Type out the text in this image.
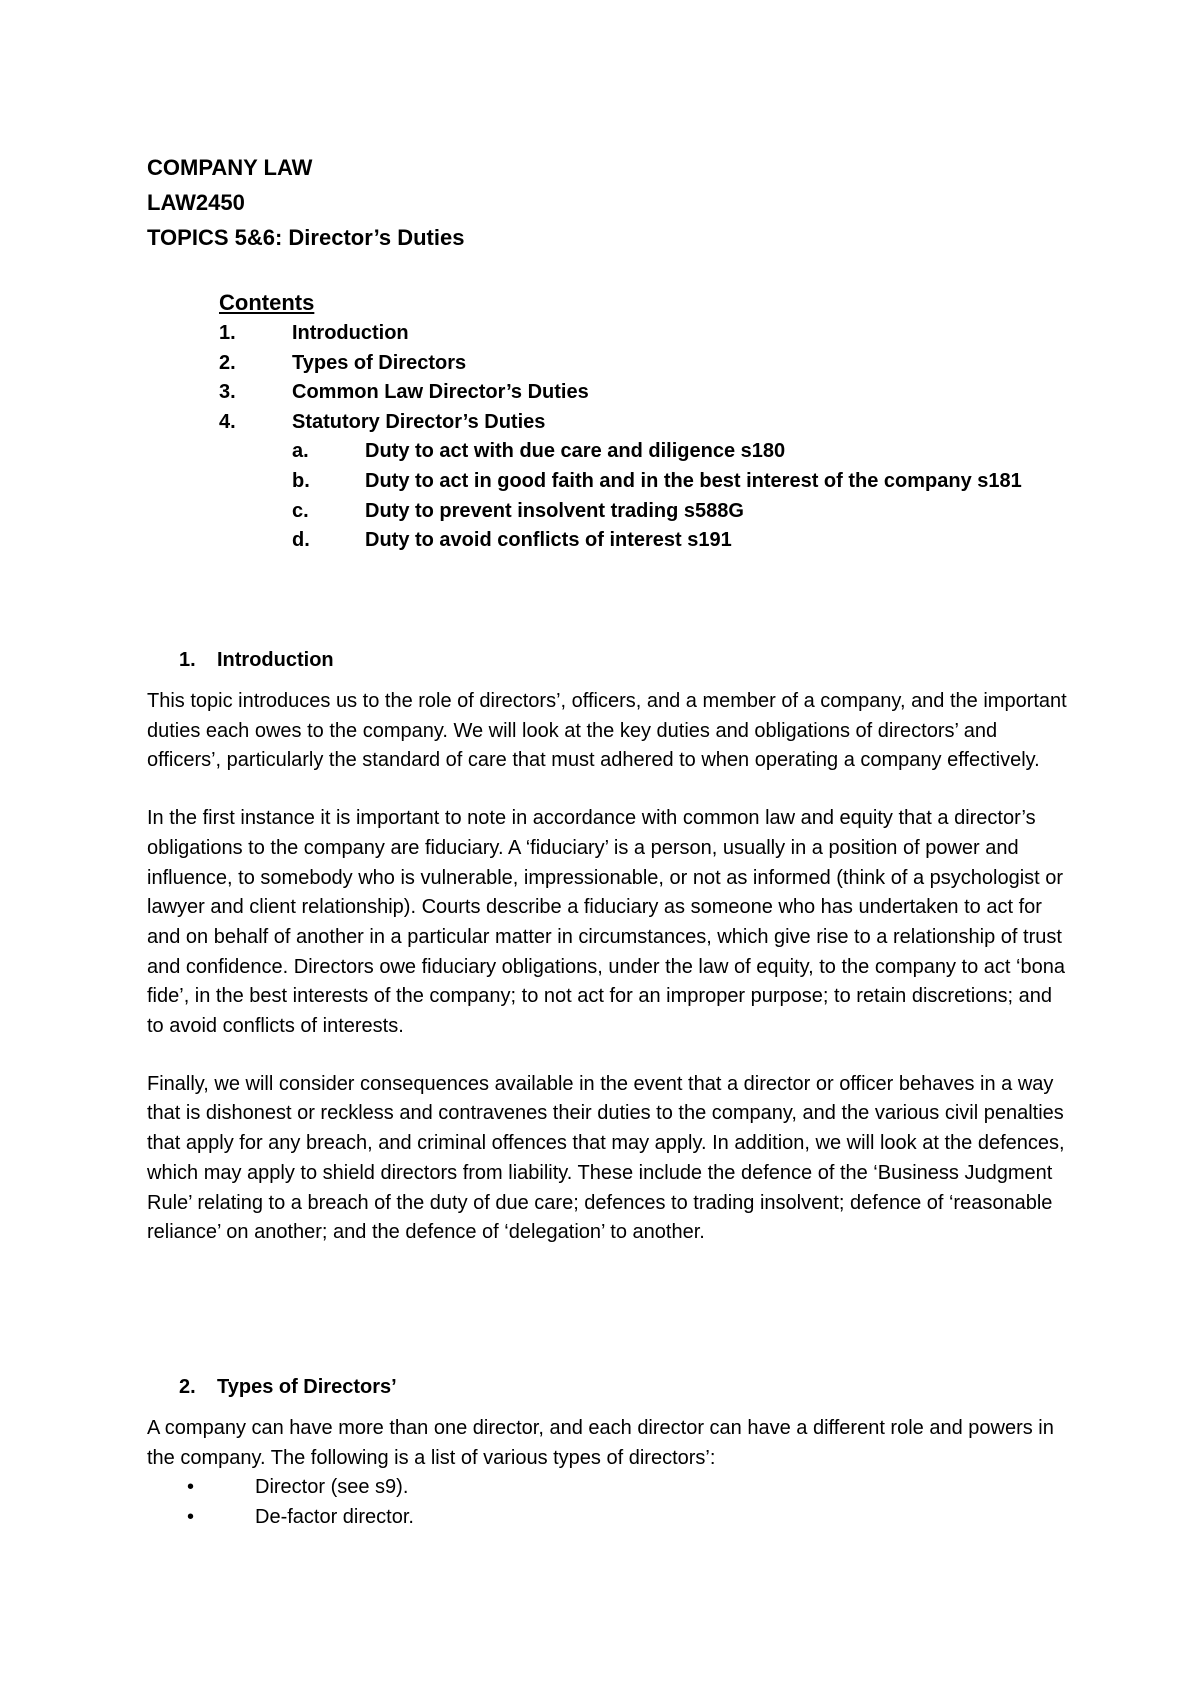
COMPANY LAW
LAW2450
TOPICS 5&6: Director’s Duties
Contents
1.	Introduction
2.	Types of Directors
3.	Common Law Director’s Duties
4.	Statutory Director’s Duties
a.	Duty to act with due care and diligence s180
b.	Duty to act in good faith and in the best interest of the company s181
c.	Duty to prevent insolvent trading s588G
d.	Duty to avoid conflicts of interest s191
1.	Introduction

This topic introduces us to the role of directors’, officers, and a member of a company, and the important duties each owes to the company. We will look at the key duties and obligations of directors’ and officers’, particularly the standard of care that must adhered to when operating a company effectively.

In the first instance it is important to note in accordance with common law and equity that a director’s obligations to the company are fiduciary. A ‘fiduciary’ is a person, usually in a position of power and influence, to somebody who is vulnerable, impressionable, or not as informed (think of a psychologist or lawyer and client relationship). Courts describe a fiduciary as someone who has undertaken to act for and on behalf of another in a particular matter in circumstances, which give rise to a relationship of trust and confidence. Directors owe fiduciary obligations, under the law of equity, to the company to act ‘bona fide’, in the best interests of the company; to not act for an improper purpose; to retain discretions; and to avoid conflicts of interests.

Finally, we will consider consequences available in the event that a director or officer behaves in a way that is dishonest or reckless and contravenes their duties to the company, and the various civil penalties that apply for any breach, and criminal offences that may apply. In addition, we will look at the defences, which may apply to shield directors from liability. These include the defence of the ‘Business Judgment Rule’ relating to a breach of the duty of due care; defences to trading insolvent; defence of ‘reasonable reliance’ on another; and the defence of ‘delegation’ to another.

2.	Types of Directors’

A company can have more than one director, and each director can have a different role and powers in the company. The following is a list of various types of directors’:

•	Director (see s9).
•	De-factor director.
